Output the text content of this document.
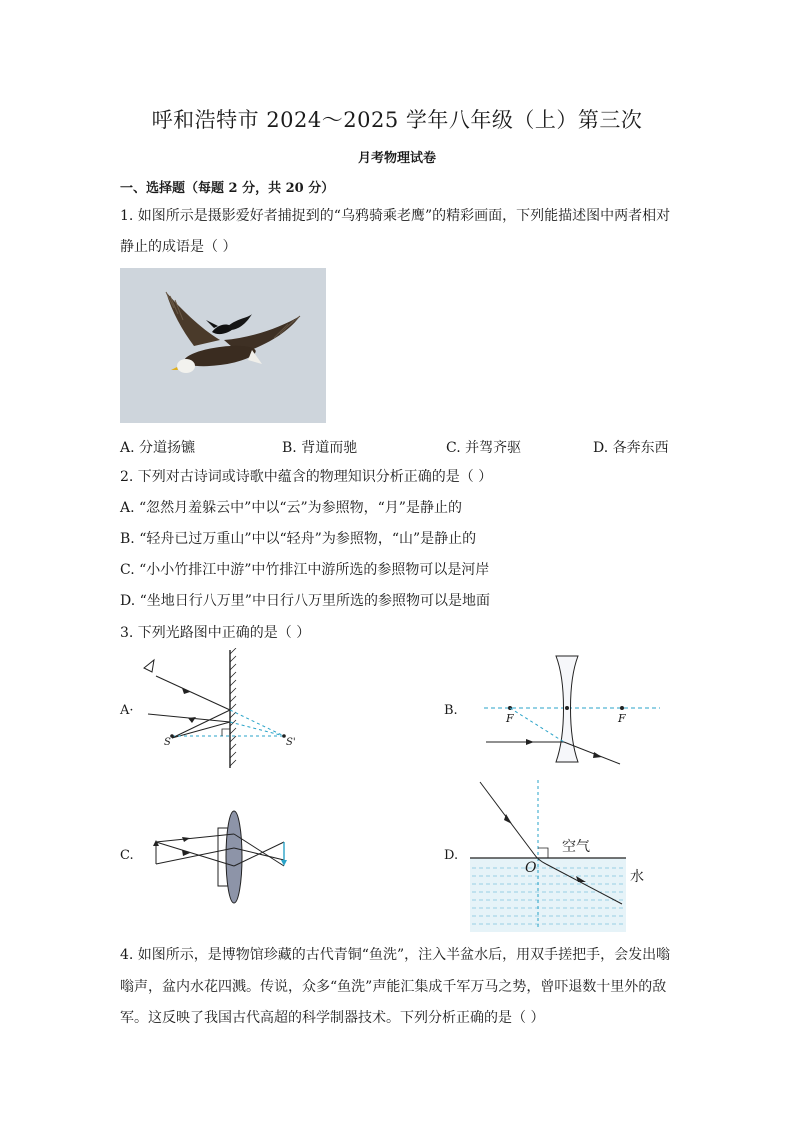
呼和浩特市 2024～2025 学年八年级（上）第三次
月考物理试卷
一、选择题（每题 2 分，共 20 分）
1. 如图所示是摄影爱好者捕捉到的“乌鸦骑乘老鹰”的精彩画面，下列能描述图中两者相对
静止的成语是（ ）
A. 分道扬镳	B. 背道而驰	C. 并驾齐驱	D. 各奔东西
2. 下列对古诗词或诗歌中蕴含的物理知识分析正确的是（ ）
A. “忽然月羞躲云中”中以“云”为参照物，“月”是静止的
B. “轻舟已过万重山”中以“轻舟”为参照物，“山”是静止的
C. “小小竹排江中游”中竹排江中游所选的参照物可以是河岸
D. “坐地日行八万里”中日行八万里所选的参照物可以是地面
3. 下列光路图中正确的是（ ）
A·
S	S'
B.
F	F
C.	D.
空气
水
O
4. 如图所示，是博物馆珍藏的古代青铜“鱼洗”，注入半盆水后，用双手搓把手，会发出嗡
嗡声，盆内水花四溅。传说，众多“鱼洗”声能汇集成千军万马之势，曾吓退数十里外的敌
军。这反映了我国古代高超的科学制器技术。下列分析正确的是（ ）
